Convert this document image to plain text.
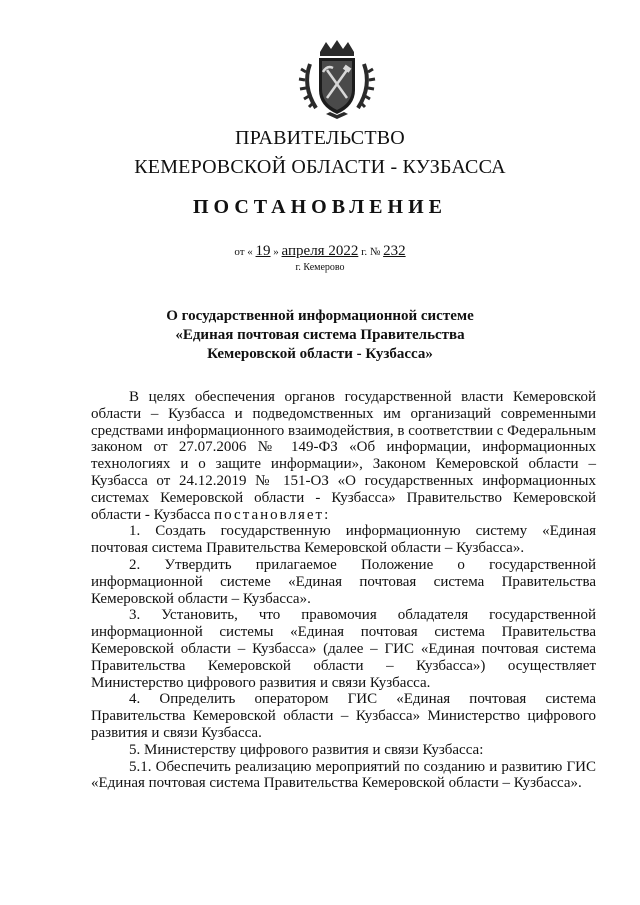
ПРАВИТЕЛЬСТВО
КЕМЕРОВСКОЙ ОБЛАСТИ - КУЗБАССА
ПОСТАНОВЛЕНИЕ
от « 19 » апреля 2022 г. № 232
г. Кемерово
О государственной информационной системе
«Единая почтовая система Правительства
Кемеровской области - Кузбасса»

В целях обеспечения органов государственной власти Кемеровской области – Кузбасса и подведомственных им организаций современными средствами информационного взаимодействия, в соответствии с Федеральным законом от 27.07.2006 № 149-ФЗ «Об информации, информационных технологиях и о защите информации», Законом Кемеровской области – Кузбасса от 24.12.2019 № 151-ОЗ «О государственных информационных системах Кемеровской области - Кузбасса» Правительство Кемеровской области - Кузбасса постановляет:

1. Создать государственную информационную систему «Единая почтовая система Правительства Кемеровской области – Кузбасса».

2. Утвердить прилагаемое Положение о государственной информационной системе «Единая почтовая система Правительства Кемеровской области – Кузбасса».

3. Установить, что правомочия обладателя государственной информационной системы «Единая почтовая система Правительства Кемеровской области – Кузбасса» (далее – ГИС «Единая почтовая система Правительства Кемеровской области – Кузбасса») осуществляет Министерство цифрового развития и связи Кузбасса.

4. Определить оператором ГИС «Единая почтовая система Правительства Кемеровской области – Кузбасса» Министерство цифрового развития и связи Кузбасса.

5. Министерству цифрового развития и связи Кузбасса:

5.1. Обеспечить реализацию мероприятий по созданию и развитию ГИС «Единая почтовая система Правительства Кемеровской области – Кузбасса».
